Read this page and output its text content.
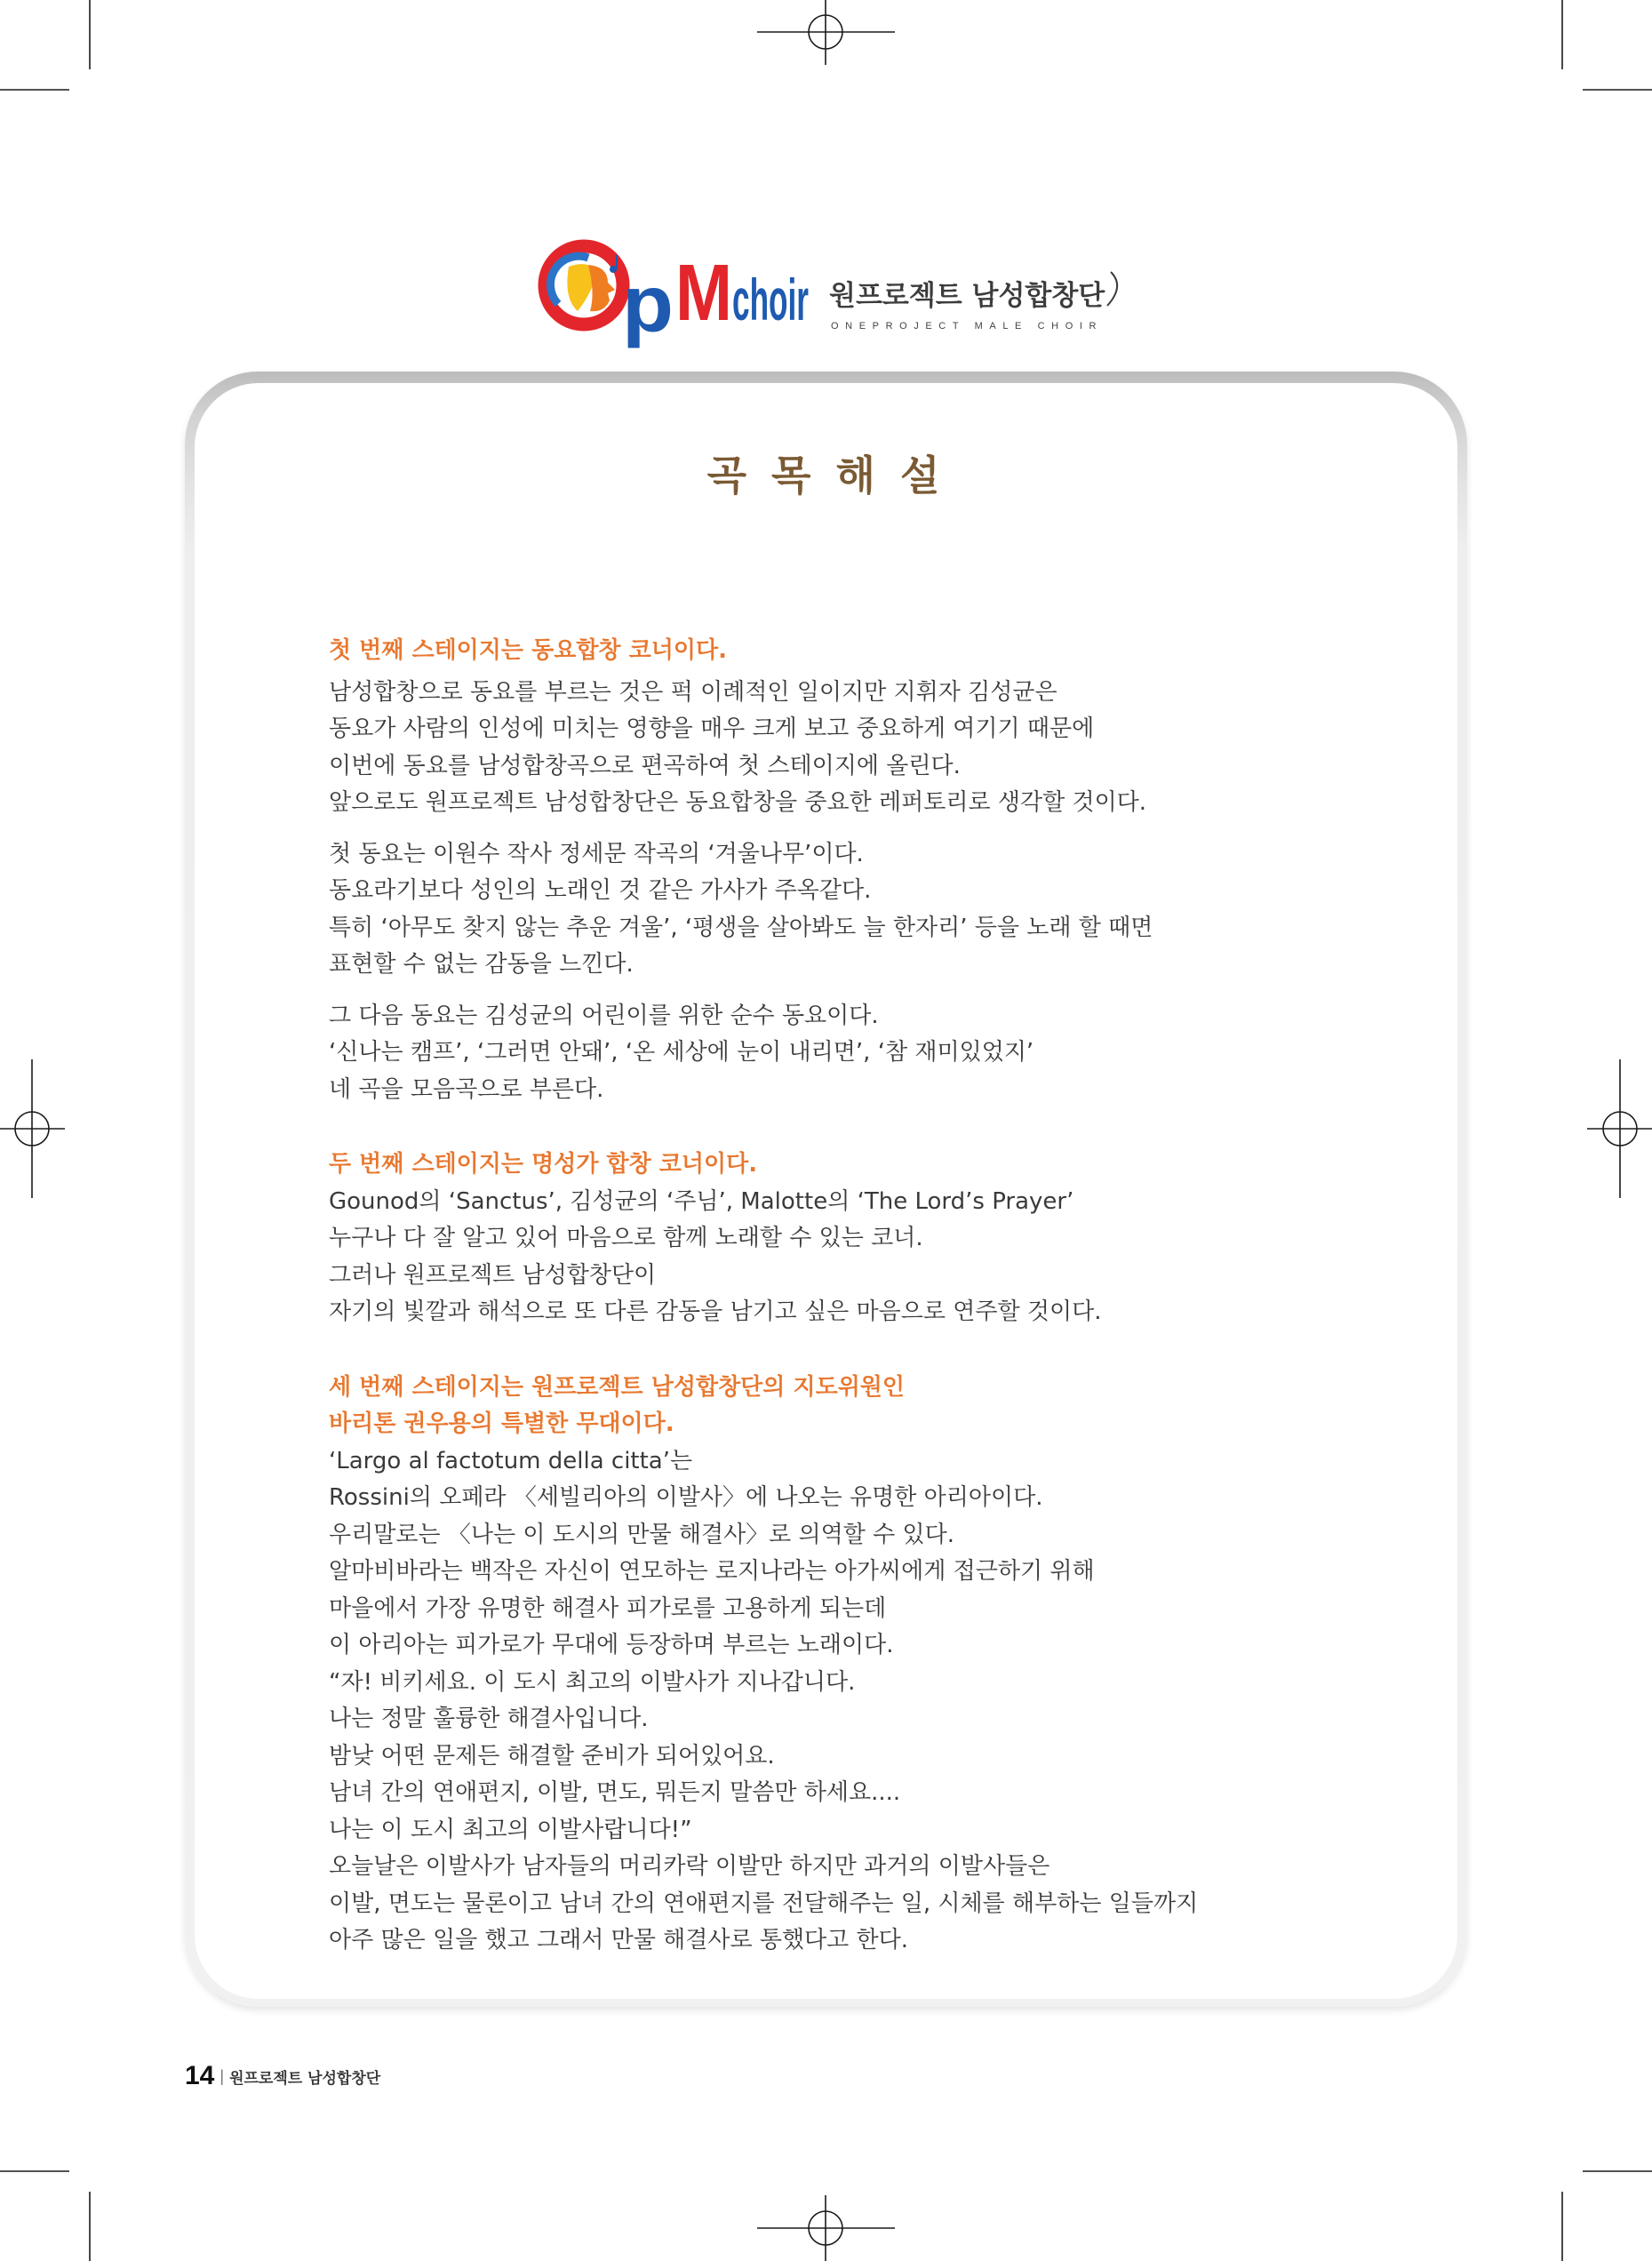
p M choir 원프로젝트 남성합창단
ONEPROJECT MALE CHOIR
곡 목 해 설
첫 번째 스테이지는 동요합창 코너이다.
남성합창으로 동요를 부르는 것은 퍽 이례적인 일이지만 지휘자 김성균은
동요가 사람의 인성에 미치는 영향을 매우 크게 보고 중요하게 여기기 때문에
이번에 동요를 남성합창곡으로 편곡하여 첫 스테이지에 올린다.
앞으로도 원프로젝트 남성합창단은 동요합창을 중요한 레퍼토리로 생각할 것이다.
첫 동요는 이원수 작사 정세문 작곡의 ‘겨울나무’이다.
동요라기보다 성인의 노래인 것 같은 가사가 주옥같다.
특히 ‘아무도 찾지 않는 추운 겨울’, ‘평생을 살아봐도 늘 한자리’ 등을 노래 할 때면
표현할 수 없는 감동을 느낀다.
그 다음 동요는 김성균의 어린이를 위한 순수 동요이다.
‘신나는 캠프’, ‘그러면 안돼’, ‘온 세상에 눈이 내리면’, ‘참 재미있었지’
네 곡을 모음곡으로 부른다.
두 번째 스테이지는 명성가 합창 코너이다.
Gounod의 ‘Sanctus’, 김성균의 ‘주님’, Malotte의 ‘The Lord’s Prayer’
누구나 다 잘 알고 있어 마음으로 함께 노래할 수 있는 코너.
그러나 원프로젝트 남성합창단이
자기의 빛깔과 해석으로 또 다른 감동을 남기고 싶은 마음으로 연주할 것이다.
세 번째 스테이지는 원프로젝트 남성합창단의 지도위원인
바리톤 권우용의 특별한 무대이다.
‘Largo al factotum della citta’는
Rossini의 오페라 〈세빌리아의 이발사〉에 나오는 유명한 아리아이다.
우리말로는 〈나는 이 도시의 만물 해결사〉로 의역할 수 있다.
알마비바라는 백작은 자신이 연모하는 로지나라는 아가씨에게 접근하기 위해
마을에서 가장 유명한 해결사 피가로를 고용하게 되는데
이 아리아는 피가로가 무대에 등장하며 부르는 노래이다.
“자! 비키세요. 이 도시 최고의 이발사가 지나갑니다.
나는 정말 훌륭한 해결사입니다.
밤낮 어떤 문제든 해결할 준비가 되어있어요.
남녀 간의 연애편지, 이발, 면도, 뭐든지 말씀만 하세요....
나는 이 도시 최고의 이발사랍니다!”
오늘날은 이발사가 남자들의 머리카락 이발만 하지만 과거의 이발사들은
이발, 면도는 물론이고 남녀 간의 연애편지를 전달해주는 일, 시체를 해부하는 일들까지
아주 많은 일을 했고 그래서 만물 해결사로 통했다고 한다.
14 | 원프로젝트 남성합창단
